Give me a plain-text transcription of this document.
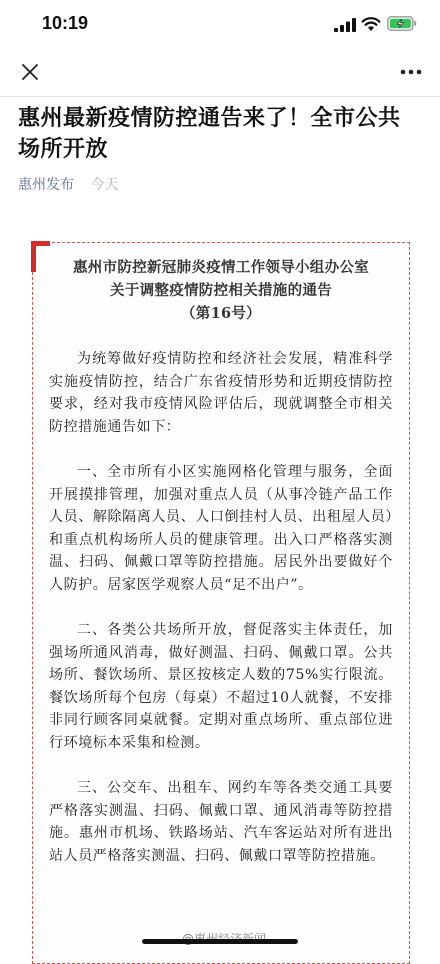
10:19
惠州最新疫情防控通告来了！全市公共场所开放
惠州发布 今天
惠州市防控新冠肺炎疫情工作领导小组办公室
关于调整疫情防控相关措施的通告
（第16号）

为统筹做好疫情防控和经济社会发展，精准科学实施疫情防控，结合广东省疫情形势和近期疫情防控要求，经对我市疫情风险评估后，现就调整全市相关防控措施通告如下：

一、全市所有小区实施网格化管理与服务，全面开展摸排管理，加强对重点人员（从事冷链产品工作人员、解除隔离人员、人口倒挂村人员、出租屋人员）和重点机构场所人员的健康管理。出入口严格落实测温、扫码、佩戴口罩等防控措施。居民外出要做好个人防护。居家医学观察人员“足不出户”。

二、各类公共场所开放，督促落实主体责任，加强场所通风消毒，做好测温、扫码、佩戴口罩。公共场所、餐饮场所、景区按核定人数的75%实行限流。餐饮场所每个包房（每桌）不超过10人就餐，不安排非同行顾客同桌就餐。定期对重点场所、重点部位进行环境标本采集和检测。

三、公交车、出租车、网约车等各类交通工具要严格落实测温、扫码、佩戴口罩、通风消毒等防控措施。惠州市机场、铁路场站、汽车客运站对所有进出站人员严格落实测温、扫码、佩戴口罩等防控措施。
